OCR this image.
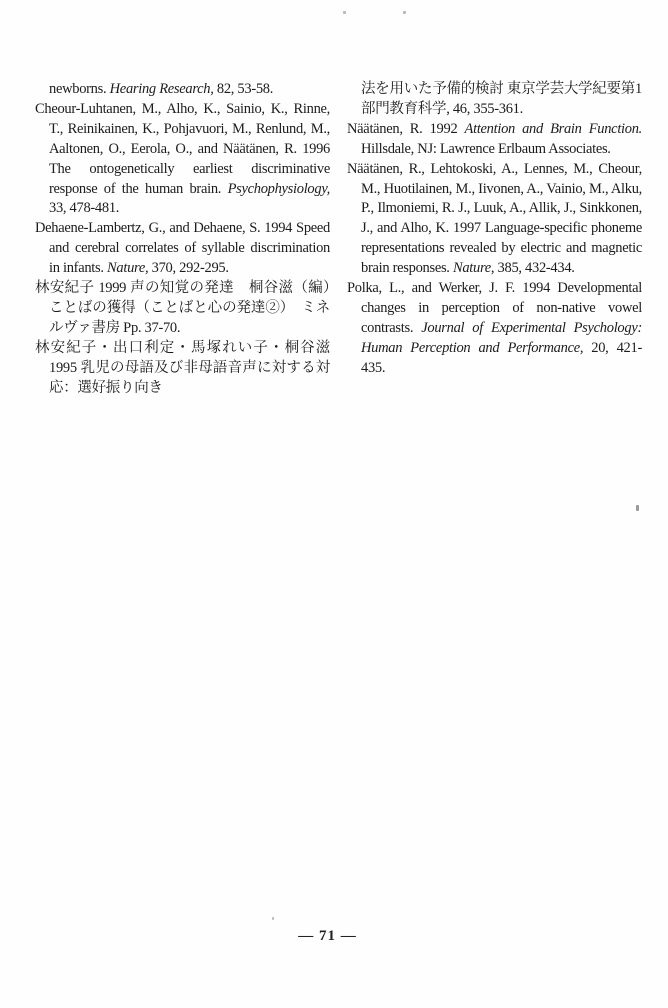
newborns. Hearing Research, 82, 53-58.
Cheour-Luhtanen, M., Alho, K., Sainio, K., Rinne, T., Reinikainen, K., Pohjavuori, M., Renlund, M., Aaltonen, O., Eerola, O., and Näätänen, R. 1996 The ontogenetically earliest discriminative response of the human brain. Psychophysiology, 33, 478-481.
Dehaene-Lambertz, G., and Dehaene, S. 1994 Speed and cerebral correlates of syllable discrimination in infants. Nature, 370, 292-295.
林安紀子 1999 声の知覚の発達　桐谷滋（編）　ことばの獲得（ことばと心の発達②）　ミネルヴァ書房 Pp. 37-70.
林安紀子・出口利定・馬塚れい子・桐谷滋 1995 乳児の母語及び非母語音声に対する対応：選好振り向き
法を用いた予備的検討 東京学芸大学紀要第1部門教育科学, 46, 355-361.
Näätänen, R. 1992 Attention and Brain Function. Hillsdale, NJ: Lawrence Erlbaum Associates.
Näätänen, R., Lehtokoski, A., Lennes, M., Cheour, M., Huotilainen, M., Iivonen, A., Vainio, M., Alku, P., Ilmoniemi, R. J., Luuk, A., Allik, J., Sinkkonen, J., and Alho, K. 1997 Language-specific phoneme representations revealed by electric and magnetic brain responses. Nature, 385, 432-434.
Polka, L., and Werker, J. F. 1994 Developmental changes in perception of non-native vowel contrasts. Journal of Experimental Psychology: Human Perception and Performance, 20, 421-435.
— 71 —
